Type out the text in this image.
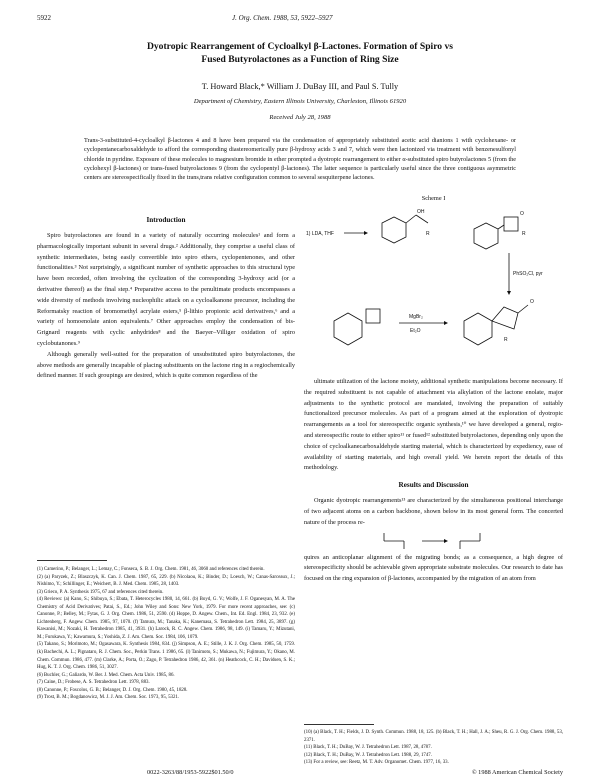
5922	J. Org. Chem. 1988, 53, 5922–5927
Dyotropic Rearrangement of Cycloalkyl β-Lactones. Formation of Spiro vs
Fused Butyrolactones as a Function of Ring Size
T. Howard Black,* William J. DuBay III, and Paul S. Tully
Department of Chemistry, Eastern Illinois University, Charleston, Illinois 61920
Received July 28, 1988
Trans-3-substituted-4-cycloalkyl β-lactones 4 and 8 have been prepared via the condensation of appropriately substituted acetic acid dianions 1 with cyclohexane- or cyclopentanecarboxaldehyde to afford the corresponding diastereomerically pure β-hydroxy acids 3 and 7, which were then lactonized via treatment with benzenesulfonyl chloride in pyridine. Exposure of these molecules to magnesium bromide in ether prompted a dyotropic rearrangement to either α-substituted spiro butyrolactones 5 (from the cyclohexyl β-lactones) or trans-fused butyrolactones 9 (from the cyclopentyl β-lactones). The latter sequence is particularly useful since the three contiguous asymmetric centers are stereospecifically fixed in the trans,trans relative configuration common to several sesquiterpene lactones.
Introduction

Spiro butyrolactones are found in a variety of naturally occurring molecules¹ and form a pharmacologically important subunit in several drugs.² Additionally, they comprise a useful class of synthetic intermediates, being easily convertible into spiro ethers, cyclopentenones, and other functionalities.³ Not surprisingly, a significant number of synthetic approaches to this structural type have been recorded, often involving the cyclization of the corresponding 3-hydroxy acid (or a derivative thereof) as the final step.⁴ Preparative access to the penultimate products encompasses a wide diversity of methods involving nucleophilic attack on a cycloalkanone precursor, including the Reformatsky reaction of bromomethyl acrylate esters,⁵ β-lithio propionic acid derivatives,⁶ and a variety of homoenolate anion equivalents.⁷ Other approaches employ the condensation of bis-Grignard reagents with cyclic anhydrides⁸ and the Baeyer–Villiger oxidation of spiro cyclobutanones.⁹

Although generally well-suited for the preparation of unsubstituted spiro butyrolactones, the above methods are generally incapable of placing substituents on the lactone ring in a regiochemically defined manner. If such groupings are desired, which is quite common regardless of the

Scheme I
1) LDA, THF
OH
R
O
R
PhSO₂Cl, pyr
MgBr₂
Et₂O
O
R

ultimate utilization of the lactone moiety, additional synthetic manipulations become necessary. If the required substituent is not capable of attachment via alkylation of the lactone enolate, major adjustments to the synthetic protocol are mandated, involving the preparation of suitably functionalized precursor molecules. As part of a program aimed at the exploration of dyotropic rearrangements as a tool for stereospecific organic synthesis,¹⁰ we have developed a general, regio- and stereospecific route to either spiro¹¹ or fused¹² substituted butyrolactones, depending only upon the choice of cycloalkanecarboxaldehyde starting material, which is characterized by expediency, ease of availability of starting materials, and high overall yield. We herein report the details of this methodology.

Results and Discussion

Organic dyotropic rearrangements¹³ are characterized by the simultaneous positional interchange of two adjacent atoms on a carbon backbone, shown below in its most general form. The concerted nature of the process re-

quires an anticoplanar alignment of the migrating bonds; as a consequence, a high degree of stereospecificity should be achievable given appropriate substrate molecules. Our research to date has focused on the ring expansion of β-lactones, accompanied by the migration of an atom from

(1) Camerino, P.; Belanger, L.; Lemay, C.; Fonseca, S. B. J. Org. Chem. 1981, 46, 3060 and references cited therein.

(2) (a) Paryzek, Z.; Blaszczyk, K. Can. J. Chem. 1987, 65, 229. (b) Nicolaou, K.; Binder, D.; Loesch, W.; Canas-Sarceaux, J.; Nishimo, Y.; Schillinger, E.; Weichert, B. J. Med. Chem. 1985, 28, 1403.

(3) Grieco, P. A. Synthesis 1975, 67 and references cited therein.

(4) Reviews: (a) Kano, S.; Shibuya, S.; Ebata, T. Heterocycles 1980, 14, 661. (b) Boyd, G. V.; Wolfe, J. F. Oganesyan, M. A. The Chemistry of Acid Derivatives; Patai, S., Ed.; John Wiley and Sons: New York, 1979. For more recent approaches, see: (c) Canonne, P.; Belley, M.; Fytas, G. J. Org. Chem. 1986, 51, 2590. (d) Hoppe, D. Angew. Chem., Int. Ed. Engl. 1984, 23, 932. (e) Lichtenberg, F. Angew. Chem. 1985, 97, 1070. (f) Tamura, M.; Tanaka, K.; Kanemasa, S. Tetrahedron Lett. 1984, 25, 3897. (g) Kawanisi, M.; Nozaki, H. Tetrahedron 1985, 41, 3931. (h) Larock, R. C. Angew. Chem. 1986, 98, 149. (i) Tamaru, Y.; Mizutani, M.; Furukawa, Y.; Kawamura, S.; Yoshida, Z. J. Am. Chem. Soc. 1984, 106, 1079.

(5) Takano, S.; Morimoto, M.; Ogasawara, K. Synthesis 1984, 834. (j) Simpson, A. E.; Stille, J. K. J. Org. Chem. 1985, 50, 1759. (k) Bachechi, A. L.; Pignataro, R. J. Chem. Soc., Perkin Trans. 1 1986, 65. (l) Tanimoto, S.; Mukawa, N.; Fujimura, Y.; Okano, M. Chem. Commun. 1986, 477. (m) Clarke, A.; Porta, O.; Zago, P. Tetrahedron 1986, 42, 361. (n) Heathcock, C. H.; Davidsen, S. K.; Hug, K. T. J. Org. Chem. 1986, 51, 3027.

(6) Buchler, G.; Galiardo, W. Ber. J. Med. Chem. Acta Univ. 1985, 86.

(7) Caine, D.; Frobese, A. S. Tetrahedron Lett. 1978, 883.

(8) Canonne, P.; Foscolos, G. B.; Belanger, D. J. Org. Chem. 1980, 45, 1828.

(9) Trost, B. M.; Bogdanowicz, M. J. J. Am. Chem. Soc. 1973, 95, 5321.

(10) (a) Black, T. H.; Fields, J. D. Synth. Commun. 1988, 18, 125. (b) Black, T. H.; Hall, J. A.; Sheu, R. G. J. Org. Chem. 1988, 53, 2371.

(11) Black, T. H.; DuBay, W. J. Tetrahedron Lett. 1987, 28, 4787.

(12) Black, T. H.; DuBay, W. J. Tetrahedron Lett. 1988, 29, 1747.

(13) For a review, see: Reetz, M. T. Adv. Organomet. Chem. 1977, 16, 33.

0022-3263/88/1953-5922$01.50/0	© 1988 American Chemical Society
